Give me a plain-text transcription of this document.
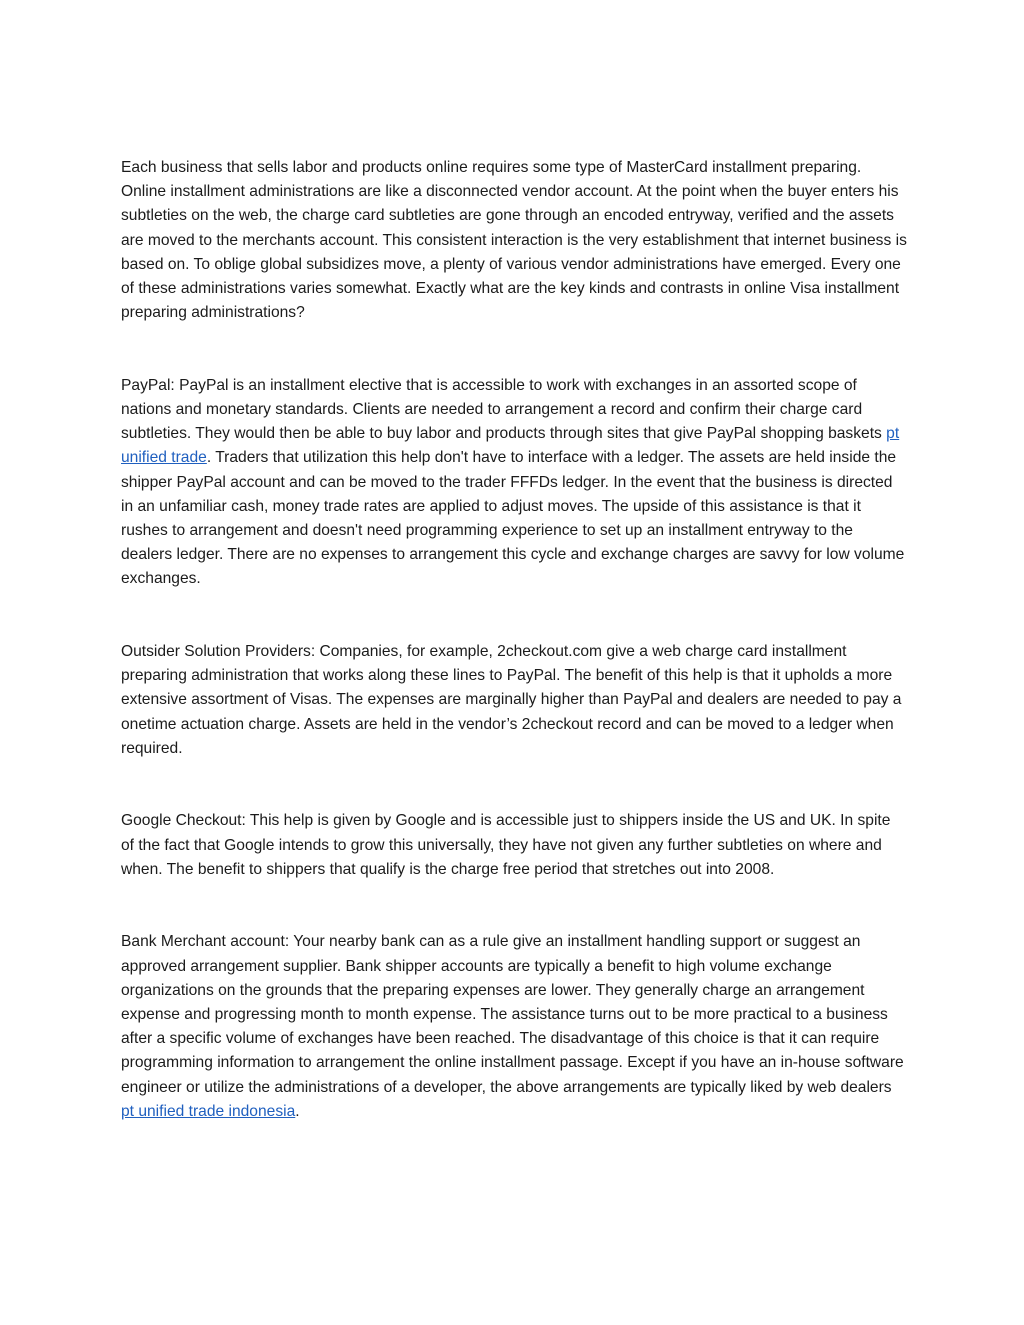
Each business that sells labor and products online requires some type of MasterCard installment preparing. Online installment administrations are like a disconnected vendor account. At the point when the buyer enters his subtleties on the web, the charge card subtleties are gone through an encoded entryway, verified and the assets are moved to the merchants account. This consistent interaction is the very establishment that internet business is based on. To oblige global subsidizes move, a plenty of various vendor administrations have emerged. Every one of these administrations varies somewhat. Exactly what are the key kinds and contrasts in online Visa installment preparing administrations?

PayPal: PayPal is an installment elective that is accessible to work with exchanges in an assorted scope of nations and monetary standards. Clients are needed to arrangement a record and confirm their charge card subtleties. They would then be able to buy labor and products through sites that give PayPal shopping baskets pt unified trade. Traders that utilization this help don't have to interface with a ledger. The assets are held inside the shipper PayPal account and can be moved to the trader FFFDs ledger. In the event that the business is directed in an unfamiliar cash, money trade rates are applied to adjust moves. The upside of this assistance is that it rushes to arrangement and doesn't need programming experience to set up an installment entryway to the dealers ledger. There are no expenses to arrangement this cycle and exchange charges are savvy for low volume exchanges.

Outsider Solution Providers: Companies, for example, 2checkout.com give a web charge card installment preparing administration that works along these lines to PayPal. The benefit of this help is that it upholds a more extensive assortment of Visas. The expenses are marginally higher than PayPal and dealers are needed to pay a onetime actuation charge. Assets are held in the vendor’s 2checkout record and can be moved to a ledger when required.

Google Checkout: This help is given by Google and is accessible just to shippers inside the US and UK. In spite of the fact that Google intends to grow this universally, they have not given any further subtleties on where and when. The benefit to shippers that qualify is the charge free period that stretches out into 2008.

Bank Merchant account: Your nearby bank can as a rule give an installment handling support or suggest an approved arrangement supplier. Bank shipper accounts are typically a benefit to high volume exchange organizations on the grounds that the preparing expenses are lower. They generally charge an arrangement expense and progressing month to month expense. The assistance turns out to be more practical to a business after a specific volume of exchanges have been reached. The disadvantage of this choice is that it can require programming information to arrangement the online installment passage. Except if you have an in-house software engineer or utilize the administrations of a developer, the above arrangements are typically liked by web dealers pt unified trade indonesia.
